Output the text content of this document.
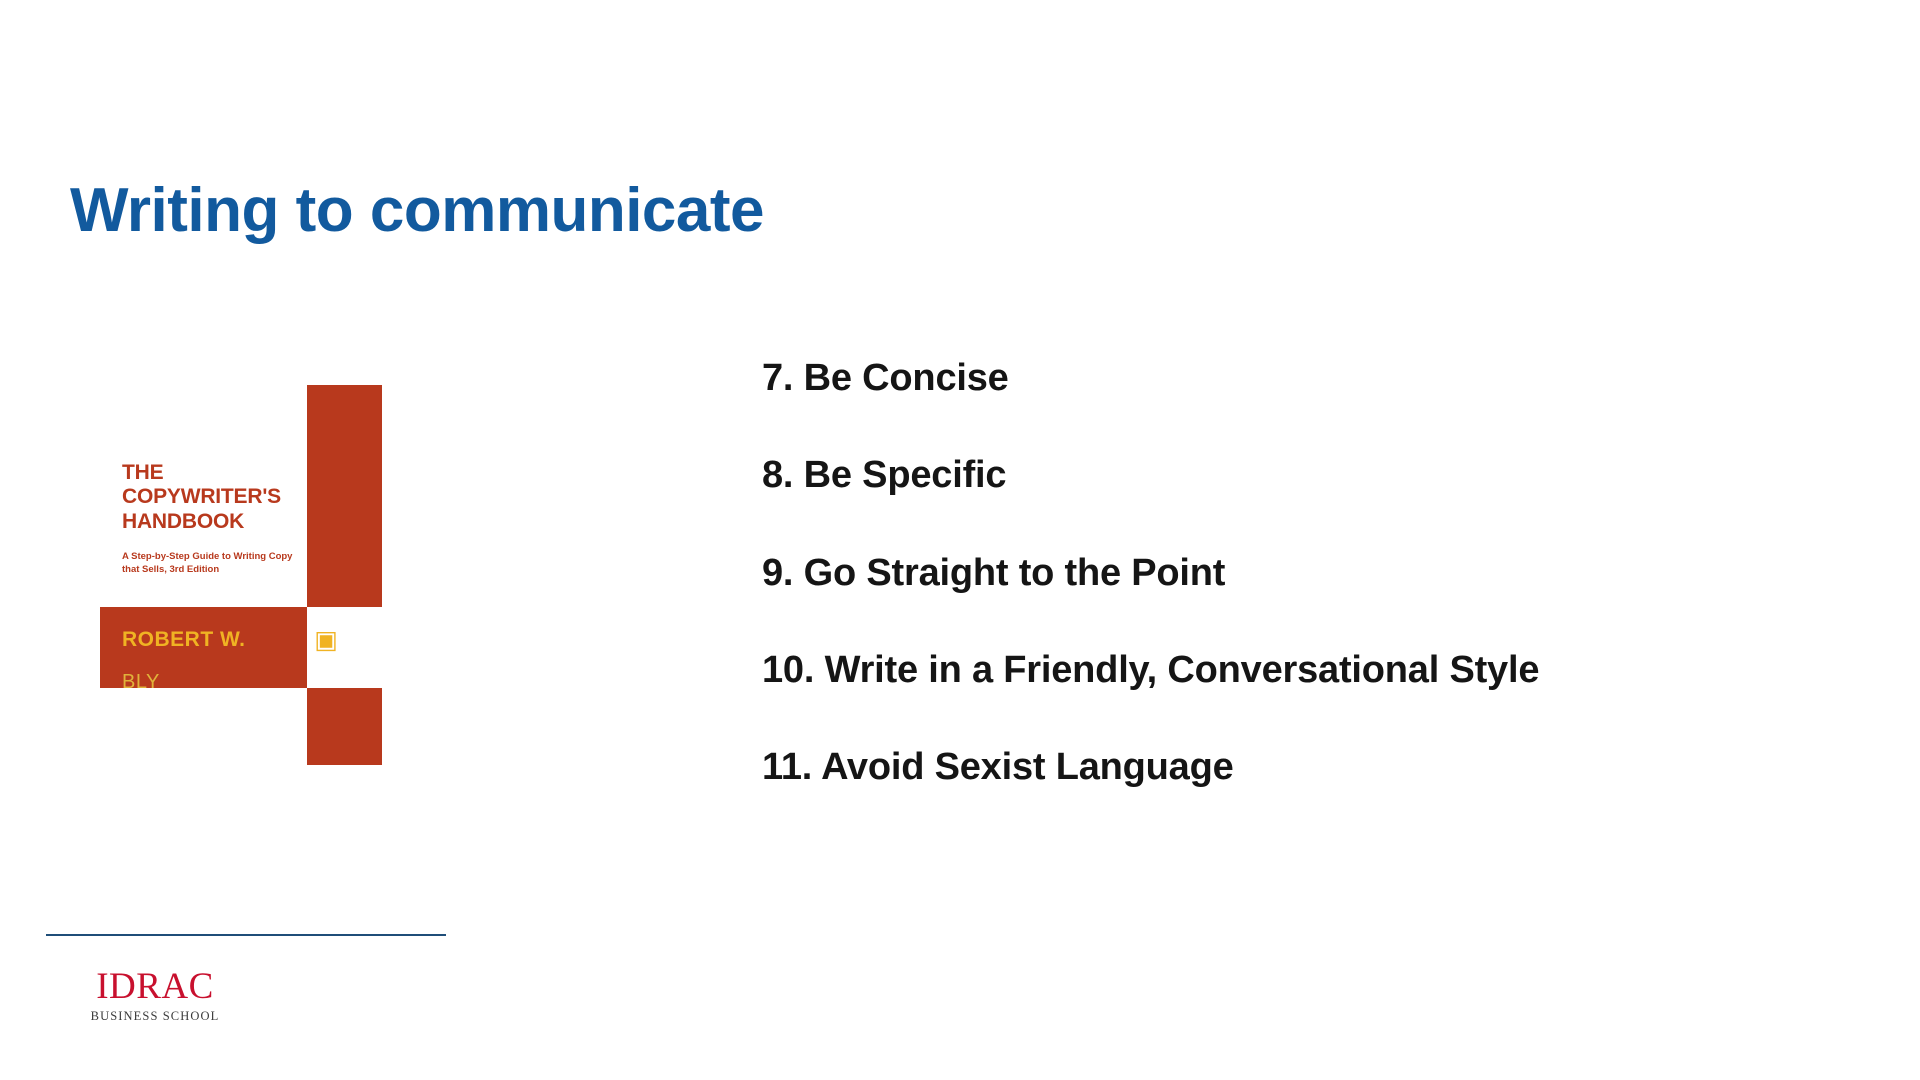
Writing to communicate
THE COPYWRITER'S HANDBOOK
A Step-by-Step Guide to Writing Copy that Sells, 3rd Edition
ROBERT W.
BLY
▣
7. Be Concise
8. Be Specific
9. Go Straight to the Point
10. Write in a Friendly, Conversational Style
11. Avoid Sexist Language
IDRAC
BUSINESS SCHOOL
